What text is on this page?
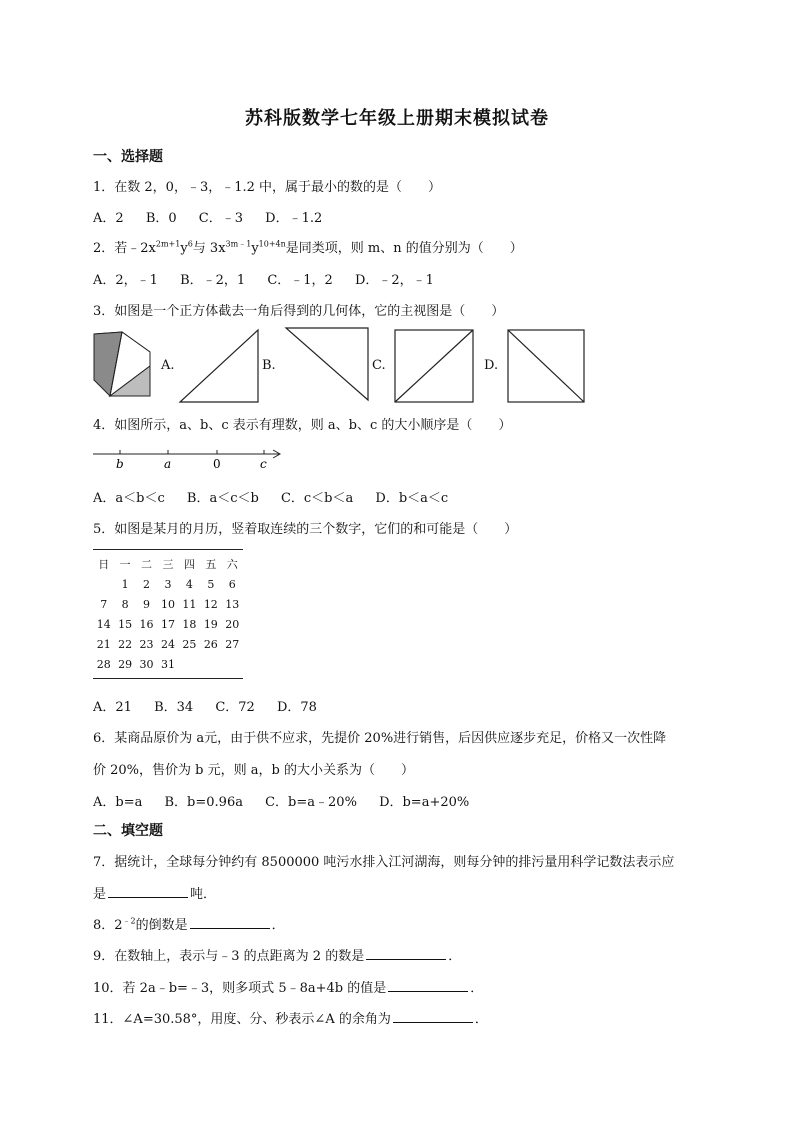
苏科版数学七年级上册期末模拟试卷
一、选择题
1．在数 2，0，﹣3，﹣1.2 中，属于最小的数的是（　　）
A．2 B．0 C．﹣3 D．﹣1.2
2．若$﹣2x^{2m+1}y^6$与 $3x^{3m﹣1}y^{10+4n}$是同类项，则 m、n 的值分别为（　　）
A．2，﹣1 B．﹣2，1 C．﹣1，2 D．﹣2，﹣1
3．如图是一个正方体截去一角后得到的几何体，它的主视图是（　　）
A.	B.	C.	D.
4．如图所示，a、b、c 表示有理数，则 a、b、c 的大小顺序是（　　）
b	a	0	c
A．a＜b＜c B．a＜c＜b C．c＜b＜a D．b＜a＜c
5．如图是某月的月历，竖着取连续的三个数字，它们的和可能是（　　）
日	一	二	三	四	五	六
	1	2	3	4	5	6
7	8	9	10	11	12	13
14	15	16	17	18	19	20
21	22	23	24	25	26	27
28	29	30	31			
A．21 B．34 C．72 D．78
6．某商品原价为 a元，由于供不应求，先提价 20%进行销售，后因供应逐步充足，价格又一次性降
价 20%，售价为 b 元，则 a，b 的大小关系为（　　）
A．b=a B．b=0.96a C．b=a﹣20% D．b=a+20%
二、填空题
7．据统计，全球每分钟约有 8500000 吨污水排入江河湖海，则每分钟的排污量用科学记数法表示应
是	吨．
8．$2^{﹣2}$的倒数是	．
9．在数轴上，表示与﹣3 的点距离为 2 的数是	．
10．若 2a﹣b=﹣3，则多项式 5﹣8a+4b 的值是	．
11．∠A=30.58°，用度、分、秒表示∠A 的余角为	．
